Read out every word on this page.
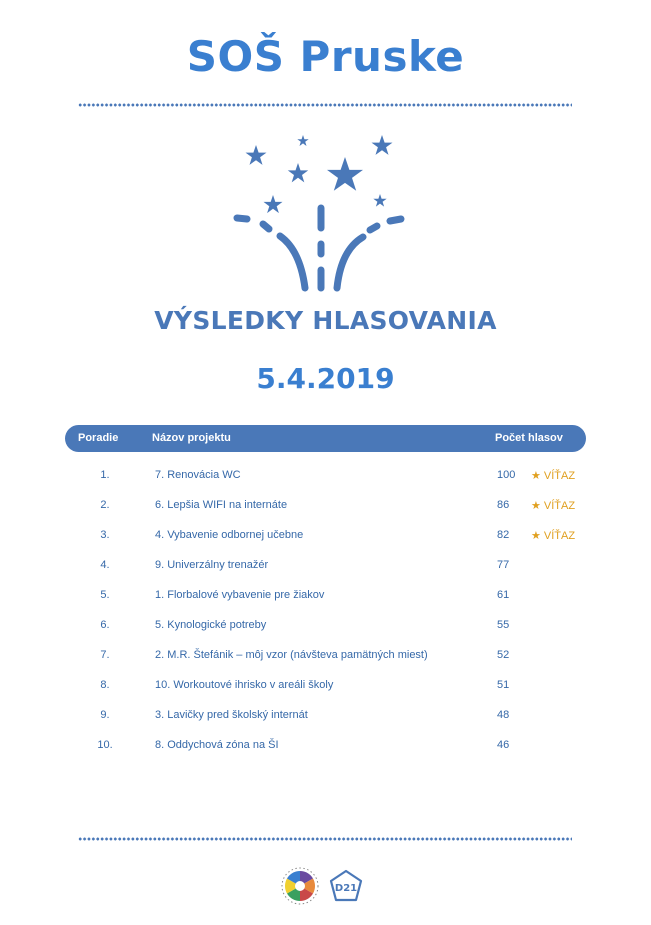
SOŠ Pruske
VÝSLEDKY HLASOVANIA
5.4.2019
Poradie	Názov projektu	Počet hlasov
1.	7. Renovácia WC	100 ★ VÍŤAZ
2.	6. Lepšia WIFI na internáte	86 ★ VÍŤAZ
3.	4. Vybavenie odbornej učebne	82 ★ VÍŤAZ
4.	9. Univerzálny trenažér	77
5.	1. Florbalové vybavenie pre žiakov	61
6.	5. Kynologické potreby	55
7.	2. M.R. Štefánik – môj vzor (návšteva pamätných miest)	52
8.	10. Workoutové ihrisko v areáli školy	51
9.	3. Lavičky pred školský internát	48
10.	8. Oddychová zóna na ŠI	46
D21
